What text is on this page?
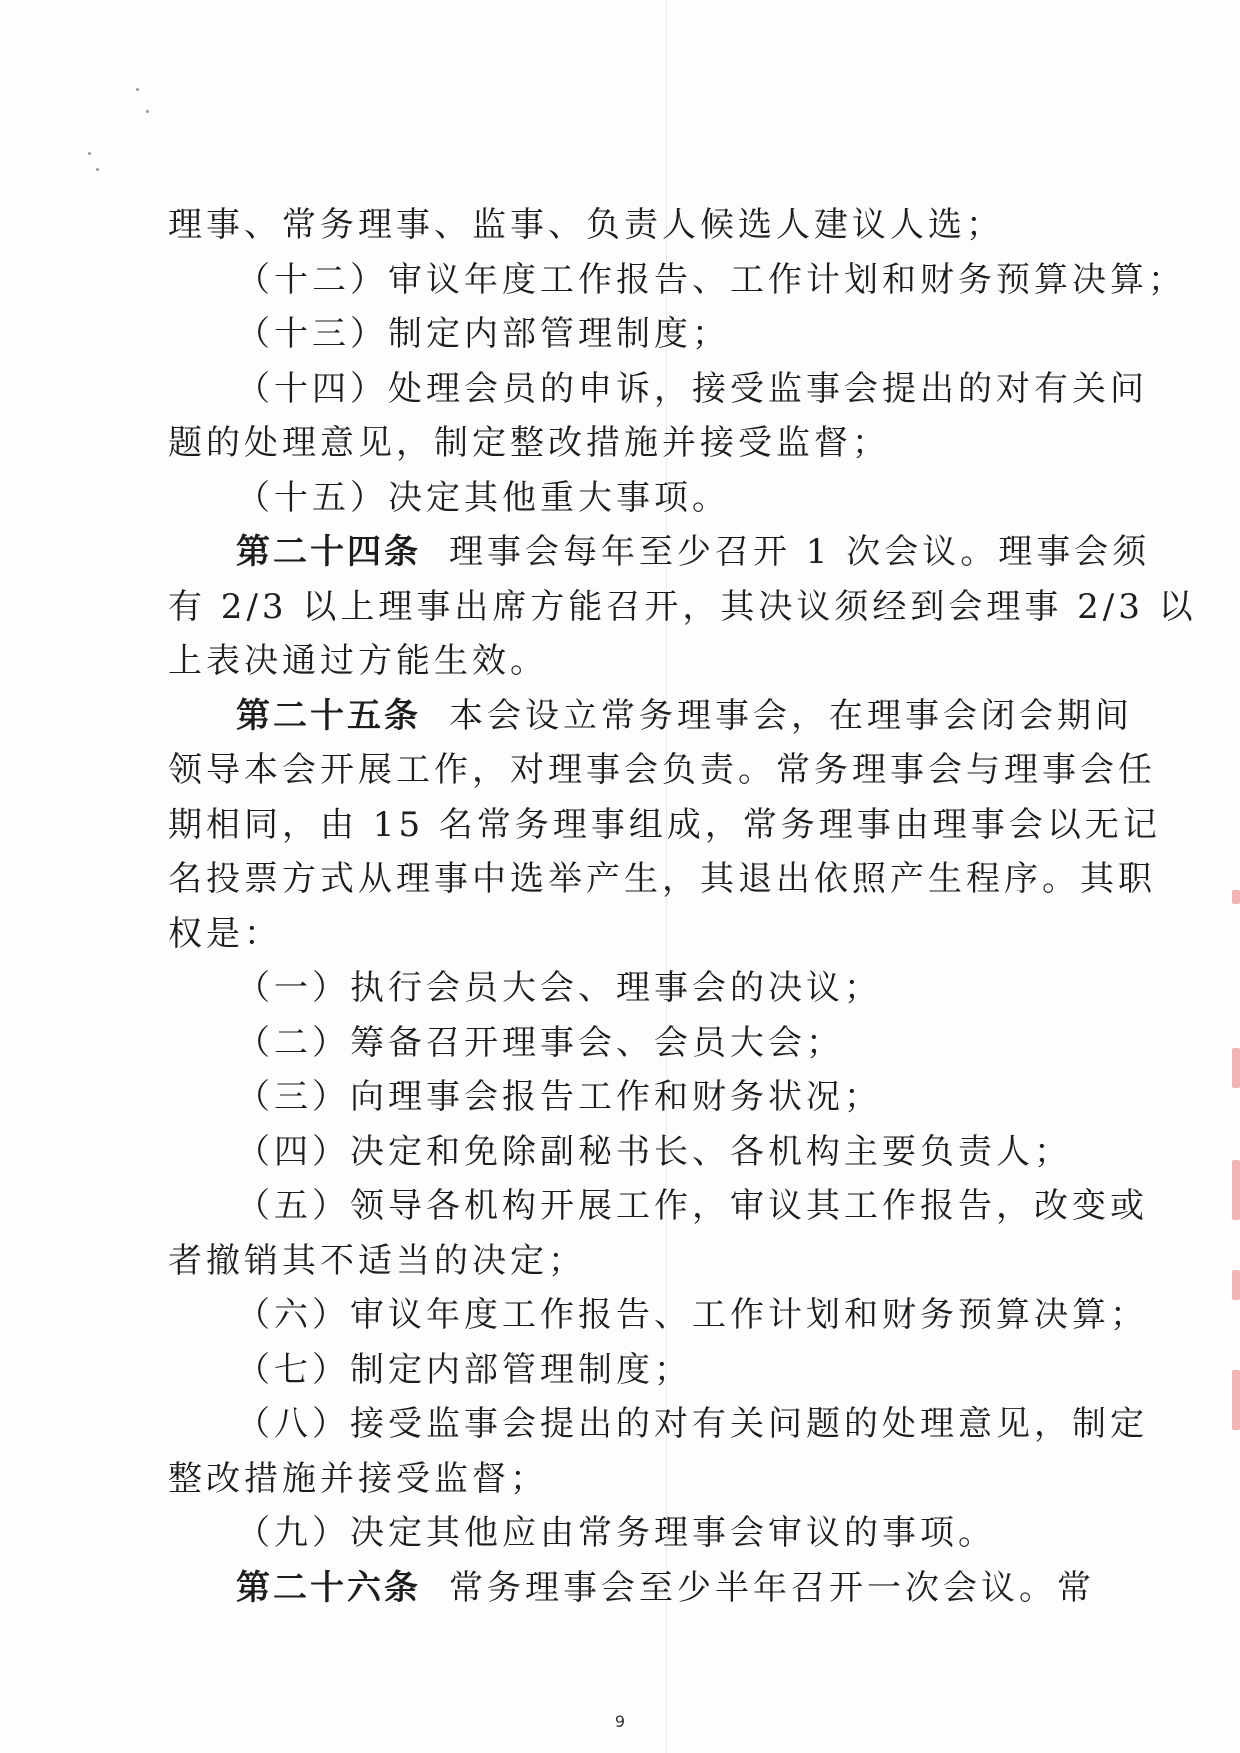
理事、常务理事、监事、负责人候选人建议人选；
（十二）审议年度工作报告、工作计划和财务预算决算；
（十三）制定内部管理制度；
（十四）处理会员的申诉，接受监事会提出的对有关问
题的处理意见，制定整改措施并接受监督；
（十五）决定其他重大事项。
第二十四条 理事会每年至少召开 1 次会议。理事会须
有 2/3 以上理事出席方能召开，其决议须经到会理事 2/3 以
上表决通过方能生效。
第二十五条 本会设立常务理事会，在理事会闭会期间
领导本会开展工作，对理事会负责。常务理事会与理事会任
期相同，由 15 名常务理事组成，常务理事由理事会以无记
名投票方式从理事中选举产生，其退出依照产生程序。其职
权是：
（一）执行会员大会、理事会的决议；
（二）筹备召开理事会、会员大会；
（三）向理事会报告工作和财务状况；
（四）决定和免除副秘书长、各机构主要负责人；
（五）领导各机构开展工作，审议其工作报告，改变或
者撤销其不适当的决定；
（六）审议年度工作报告、工作计划和财务预算决算；
（七）制定内部管理制度；
（八）接受监事会提出的对有关问题的处理意见，制定
整改措施并接受监督；
（九）决定其他应由常务理事会审议的事项。
第二十六条 常务理事会至少半年召开一次会议。常
9
